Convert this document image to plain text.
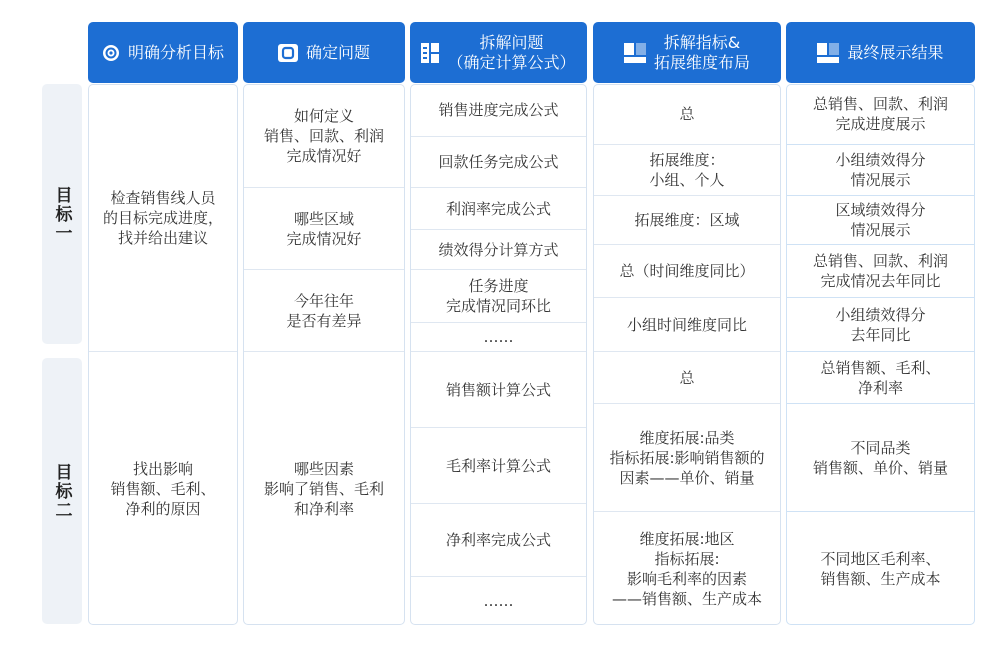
明确分析目标	确定问题
拆解问题
（确定计算公式）
拆解指标&
拓展维度布局
最终展示结果
目标一
目标二
检查销售线人员
的目标完成进度，
找并给出建议
找出影响
销售额、毛利、
净利的原因
如何定义
销售、回款、利润
完成情况好
哪些区域
完成情况好
今年往年
是否有差异
哪些因素
影响了销售、毛利
和净利率
销售进度完成公式
回款任务完成公式
利润率完成公式
绩效得分计算方式
任务进度
完成情况同环比
……
销售额计算公式
毛利率计算公式
净利率完成公式
……
总
拓展维度：
小组、个人
拓展维度：区域
总（时间维度同比）
小组时间维度同比
总
维度拓展:品类
指标拓展:影响销售额的
因素——单价、销量
维度拓展:地区
指标拓展:
影响毛利率的因素
——销售额、生产成本
总销售、回款、利润
完成进度展示
小组绩效得分
情况展示
区域绩效得分
情况展示
总销售、回款、利润
完成情况去年同比
小组绩效得分
去年同比
总销售额、毛利、
净利率
不同品类
销售额、单价、销量
不同地区毛利率、
销售额、生产成本
